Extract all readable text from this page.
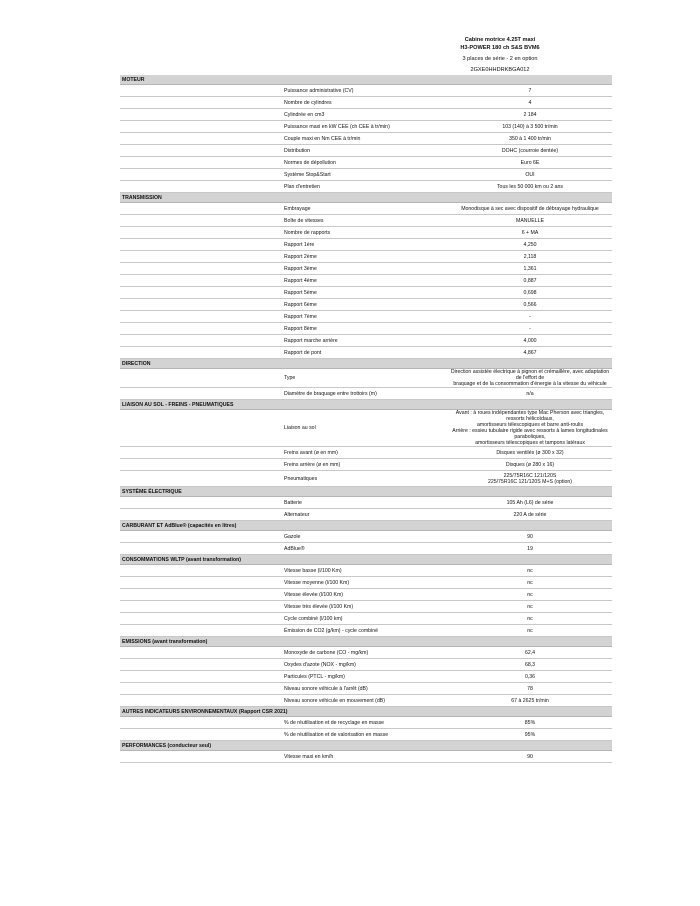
Cabine motrice 4.25T maxi
H3-POWER 180 ch S&S BVM6
3 places de série - 2 en option
2GXE0HHDRKBGA012
MOTEUR		
	Puissance administrative (CV)	7

	Nombre de cylindres	4

	Cylindrée en cm3	2 184

	Puissance maxi en kW CEE (ch CEE à tr/min)	103 (140) à 3 500 tr/min

	Couple maxi en Nm CEE à tr/min	350 à 1 400 tr/min

	Distribution	DOHC (courroie dentée)

	Normes de dépollution	Euro 6E

	Système Stop&Start	OUI

	Plan d'entretien	Tous les 50 000 km ou 2 ans

TRANSMISSION		
	Embrayage	Monodisque à sec avec dispositif de débrayage hydraulique

	Boîte de vitesses	MANUELLE

	Nombre de rapports	6 + MA

	Rapport 1ère	4,250

	Rapport 2ème	2,118

	Rapport 3ème	1,361

	Rapport 4ème	0,887

	Rapport 5ème	0,698

	Rapport 6ème	0,566

	Rapport 7ème	-

	Rapport 8ème	-

	Rapport marche arrière	4,000

	Rapport de pont	4,867

DIRECTION		
	Type	Direction assistée électrique à pignon et crémaillère, avec adaptation de l'effort de
braquage et de la consommation d'énergie à la vitesse du véhicule

	Diamètre de braquage entre trottoirs (m)	n/a

LIAISON AU SOL - FREINS - PNEUMATIQUES		
	Liaison au sol	Avant : à roues indépendantes type Mac Pherson avec triangles, ressorts hélicoïdaux,
amortisseurs télescopiques et barre anti-roulis
Arrière : essieu tubulaire rigide avec ressorts à lames longitudinales paraboliques,
amortisseurs télescopiques et tampons latéraux

	Freins avant (ø en mm)	Disques ventilés (ø 300 x 32)

	Freins arrière (ø en mm)	Disques (ø 280 x 16)

	Pneumatiques	225/75R16C 121/120S
225/75R16C 121/120S M+S (option)

SYSTÈME ÉLECTRIQUE		
	Batterie	105 Ah (L6) de série

	Alternateur	220 A de série

CARBURANT ET AdBlue® (capacités en litres)		
	Gazole	90

	AdBlue®	19

CONSOMMATIONS WLTP (avant transformation)		
	Vitesse basse (l/100 Km)	nc

	Vitesse moyenne (l/100 Km)	nc

	Vitesse élevée (l/100 Km)	nc

	Vitesse très élevée (l/100 Km)	nc

	Cycle combiné (l/100 km)	nc

	Émission de CO2 (g/km) - cycle combiné	nc

EMISSIONS (avant transformation)		
	Monoxyde de carbone (CO - mg/km)	62,4

	Oxydes d'azote (NOX - mg/km)	68,3

	Particules (PTCL - mg/km)	0,36

	Niveau sonore véhicule à l'arrêt (dB)	78

	Niveau sonore véhicule en mouvement (dB)	67 à 2625 tr/min

AUTRES INDICATEURS ENVIRONNEMENTAUX (Rapport CSR 2021)		
	% de réutilisation et de recyclage en masse	85%

	% de réutilisation et de valorisation en masse	95%

PERFORMANCES (conducteur seul)		
	Vitesse maxi en km/h	90
